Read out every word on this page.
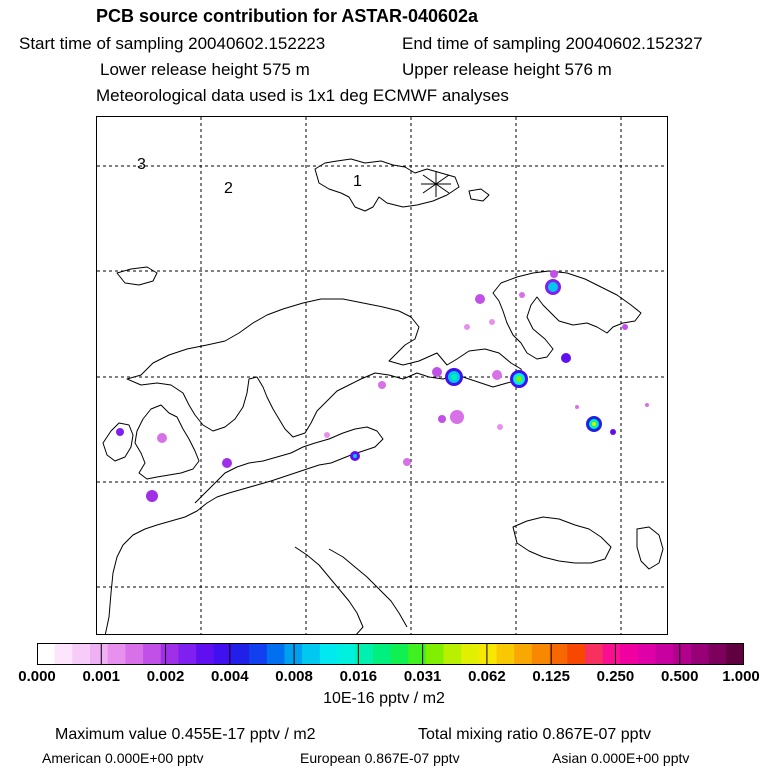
PCB source contribution for ASTAR-040602a
Start time of sampling 20040602.152223	End time of sampling 20040602.152327
Lower release height 575 m	Upper release height 576 m
Meteorological data used is 1x1 deg ECMWF analyses
3
2	1
0.000 0.001 0.002 0.004 0.008 0.016 0.031 0.062 0.125 0.250 0.500 1.000
10E-16 pptv / m2
Maximum value 0.455E-17 pptv / m2	Total mixing ratio 0.867E-07 pptv
American 0.000E+00 pptv	European 0.867E-07 pptv	Asian 0.000E+00 pptv
